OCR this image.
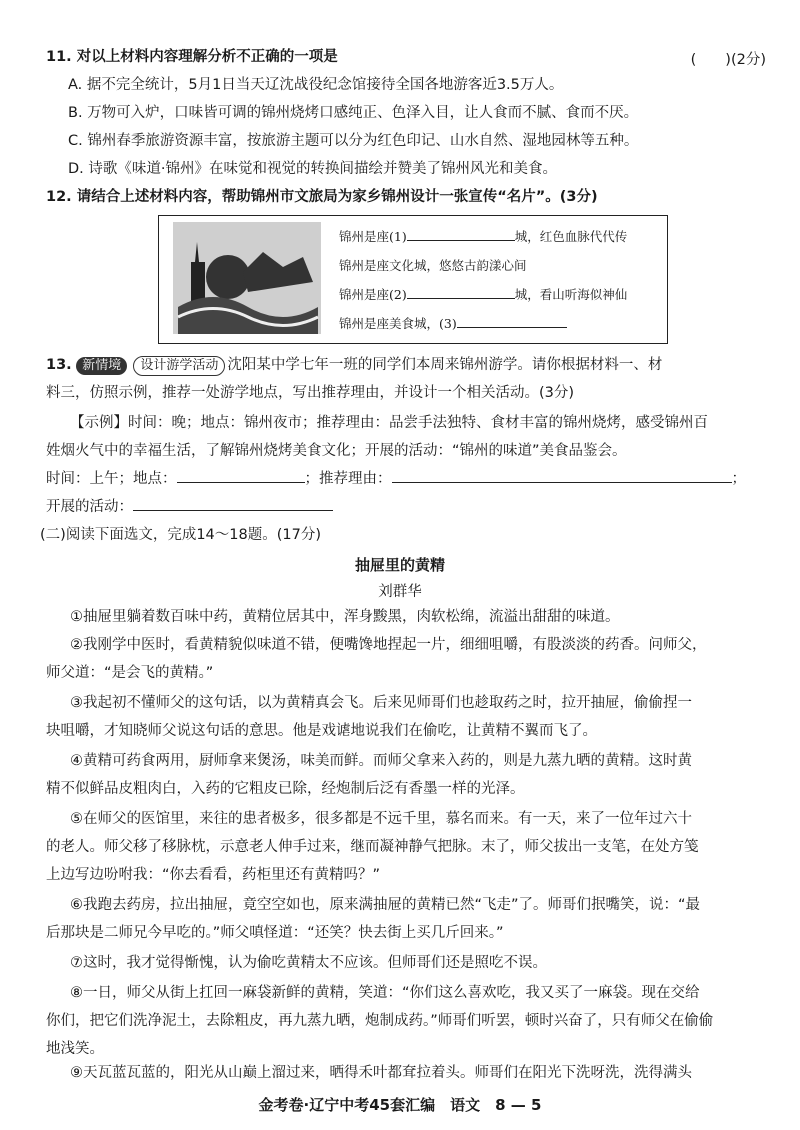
11. 对以上材料内容理解分析不正确的一项是	(　　)(2分)
A. 据不完全统计，5月1日当天辽沈战役纪念馆接待全国各地游客近3.5万人。
B. 万物可入炉，口味皆可调的锦州烧烤口感纯正、色泽入目，让人食而不腻、食而不厌。
C. 锦州春季旅游资源丰富，按旅游主题可以分为红色印记、山水自然、湿地园林等五种。
D. 诗歌《味道·锦州》在味觉和视觉的转换间描绘并赞美了锦州风光和美食。
12. 请结合上述材料内容，帮助锦州市文旅局为家乡锦州设计一张宣传“名片”。(3分)
锦州是座(1)	城，红色血脉代代传
锦州是座文化城，悠悠古韵漾心间
锦州是座(2)	城，看山听海似神仙
锦州是座美食城，(3)
13. 新情境 设计游学活动 沈阳某中学七年一班的同学们本周来锦州游学。请你根据材料一、材
料三，仿照示例，推荐一处游学地点，写出推荐理由，并设计一个相关活动。(3分)
【示例】时间：晚；地点：锦州夜市；推荐理由：品尝手法独特、食材丰富的锦州烧烤，感受锦州百
姓烟火气中的幸福生活，了解锦州烧烤美食文化；开展的活动：“锦州的味道”美食品鉴会。
时间：上午；地点：	；推荐理由：	；
开展的活动：
(二)阅读下面选文，完成14～18题。(17分)
抽屉里的黄精
刘群华
①抽屉里躺着数百味中药，黄精位居其中，浑身黢黑，肉软松绵，流溢出甜甜的味道。
②我刚学中医时，看黄精貌似味道不错，便嘴馋地捏起一片，细细咀嚼，有股淡淡的药香。问师父，
师父道：“是会飞的黄精。”
③我起初不懂师父的这句话，以为黄精真会飞。后来见师哥们也趁取药之时，拉开抽屉，偷偷捏一
块咀嚼，才知晓师父说这句话的意思。他是戏谑地说我们在偷吃，让黄精不翼而飞了。
④黄精可药食两用，厨师拿来煲汤，味美而鲜。而师父拿来入药的，则是九蒸九晒的黄精。这时黄
精不似鲜品皮粗肉白，入药的它粗皮已除，经炮制后泛有香墨一样的光泽。
⑤在师父的医馆里，来往的患者极多，很多都是不远千里，慕名而来。有一天，来了一位年过六十
的老人。师父移了移脉枕，示意老人伸手过来，继而凝神静气把脉。末了，师父拔出一支笔，在处方笺
上边写边吩咐我：“你去看看，药柜里还有黄精吗？”
⑥我跑去药房，拉出抽屉，竟空空如也，原来满抽屉的黄精已然“飞走”了。师哥们抿嘴笑，说：“最
后那块是二师兄今早吃的。”师父嗔怪道：“还笑？快去街上买几斤回来。”
⑦这时，我才觉得惭愧，认为偷吃黄精太不应该。但师哥们还是照吃不误。
⑧一日，师父从街上扛回一麻袋新鲜的黄精，笑道：“你们这么喜欢吃，我又买了一麻袋。现在交给
你们，把它们洗净泥土，去除粗皮，再九蒸九晒，炮制成药。”师哥们听罢，顿时兴奋了，只有师父在偷偷
地浅笑。
⑨天瓦蓝瓦蓝的，阳光从山巅上溜过来，晒得禾叶都耷拉着头。师哥们在阳光下洗呀洗，洗得满头
金考卷·辽宁中考45套汇编　语文　8 — 5
